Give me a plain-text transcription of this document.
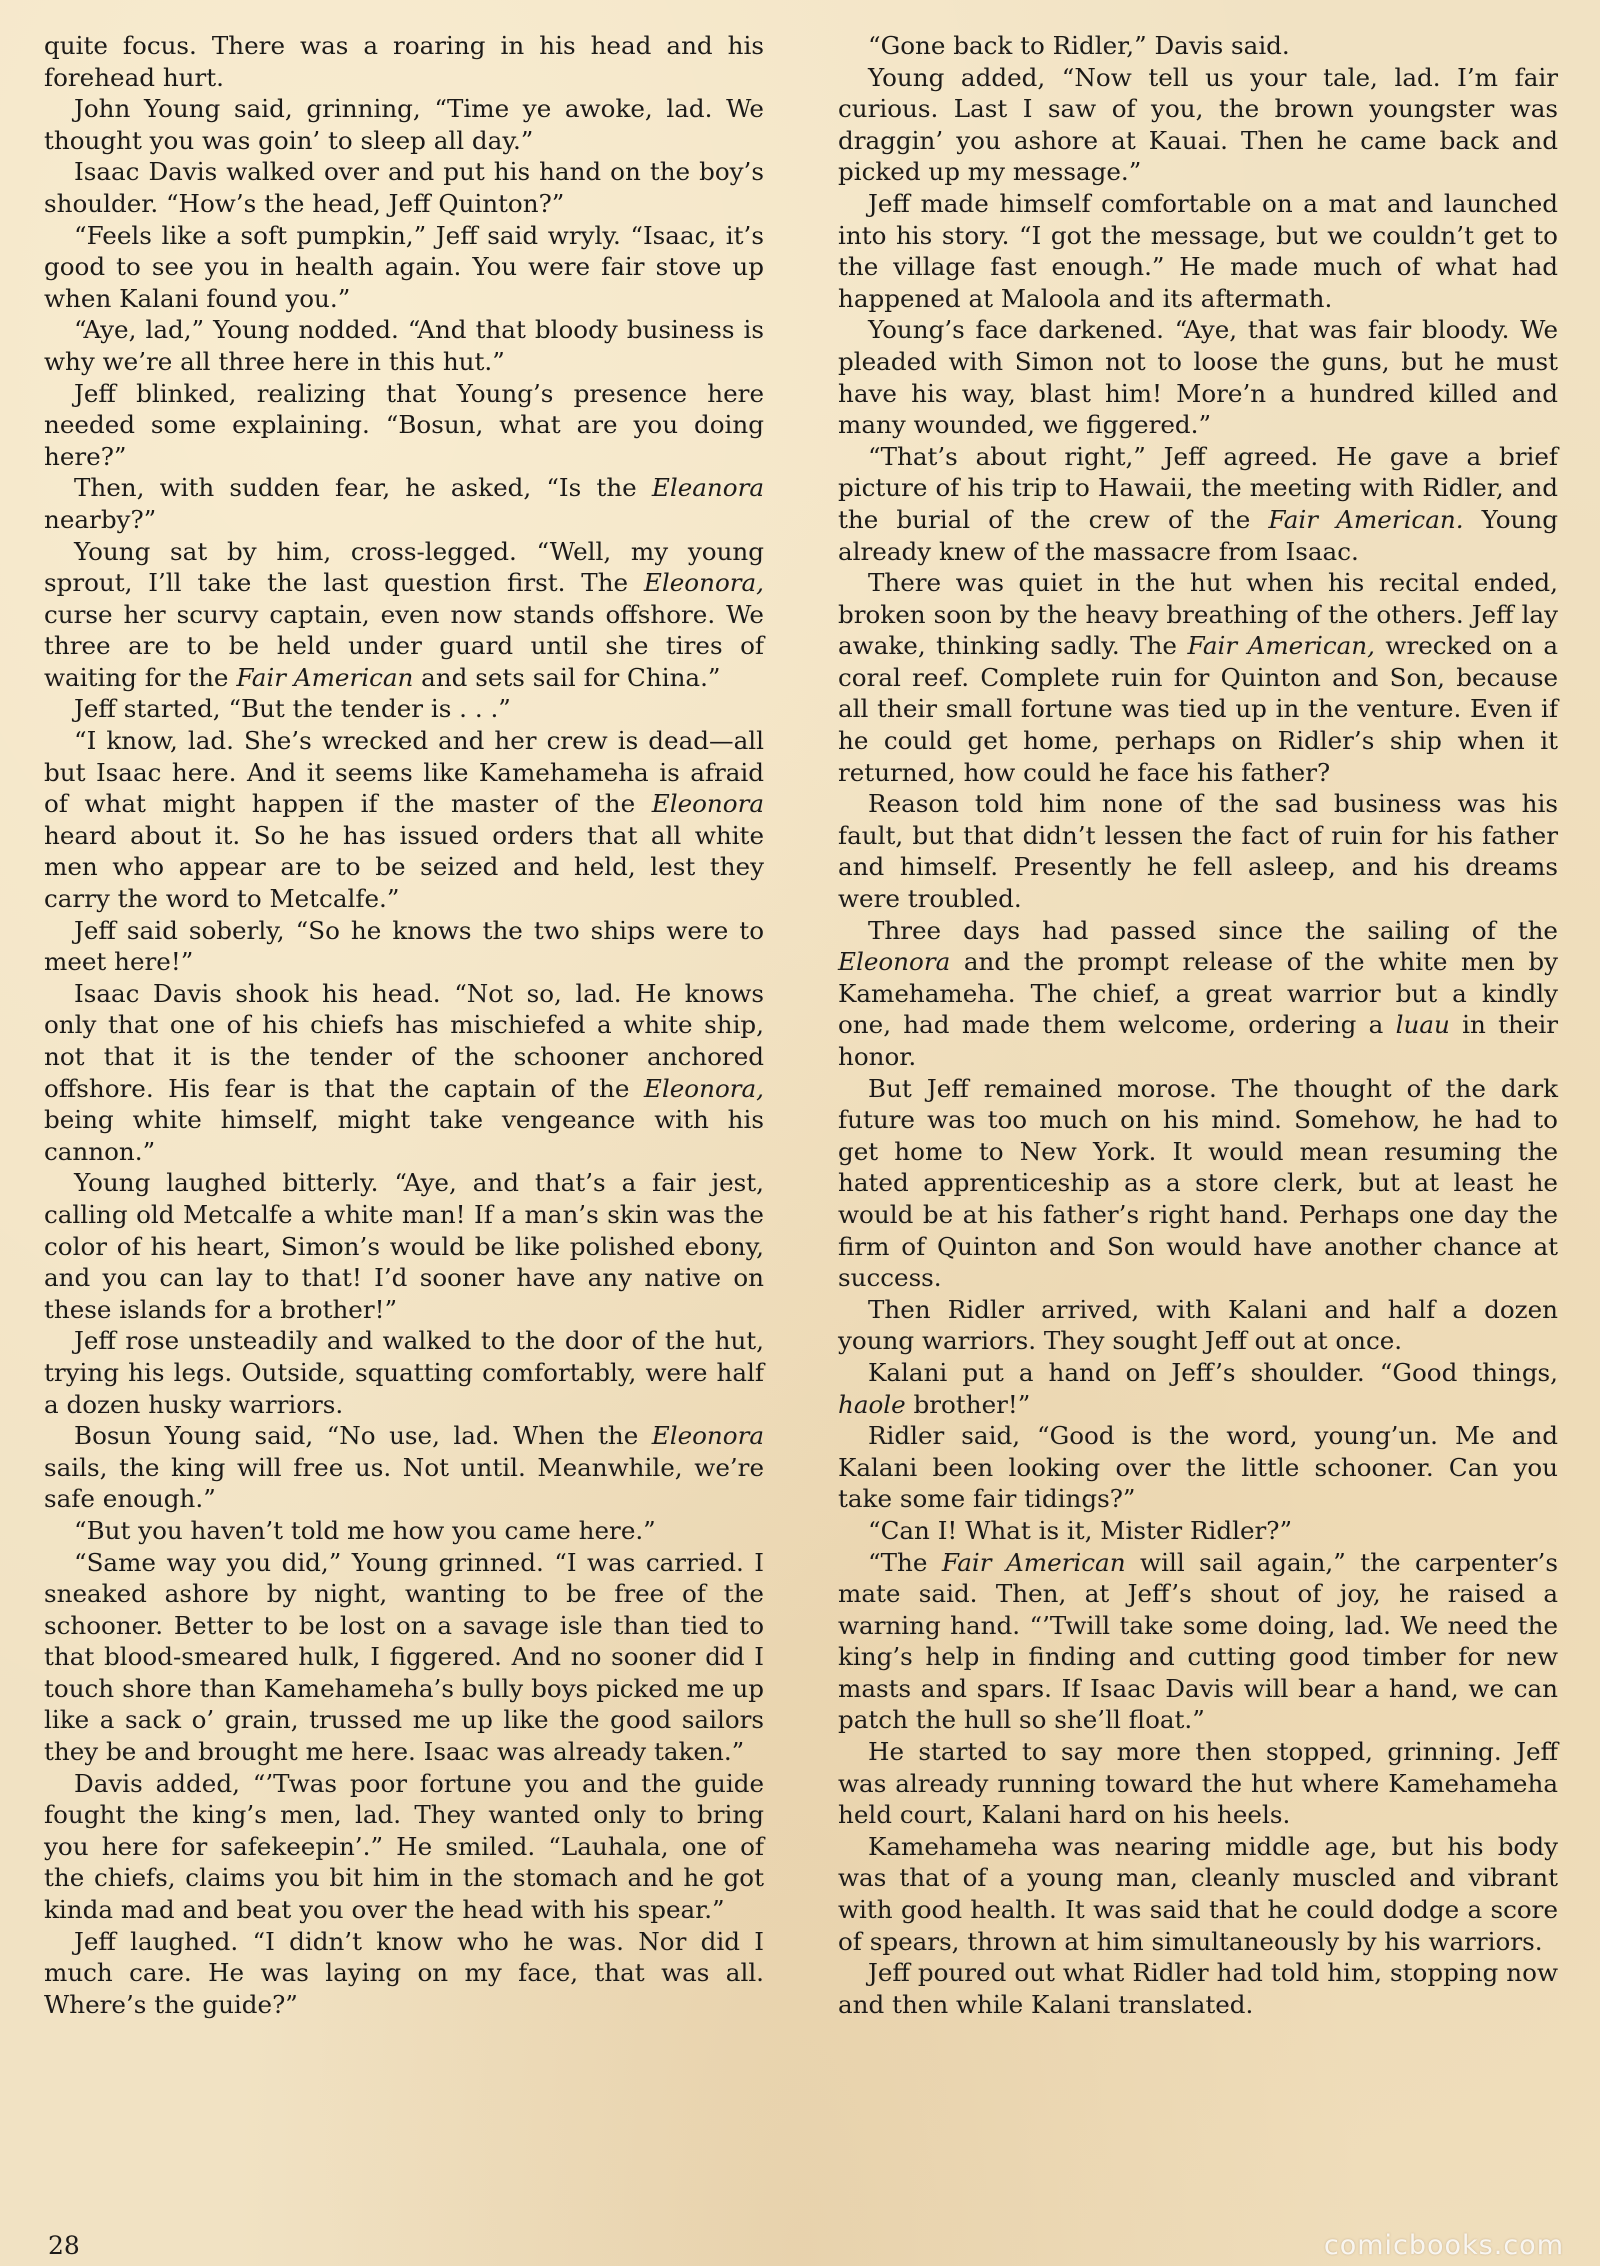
quite focus. There was a roaring in his head and his forehead hurt.

John Young said, grinning, “Time ye awoke, lad. We thought you was goin’ to sleep all day.”

Isaac Davis walked over and put his hand on the boy’s shoulder. “How’s the head, Jeff Quinton?”

“Feels like a soft pumpkin,” Jeff said wryly. “Isaac, it’s good to see you in health again. You were fair stove up when Kalani found you.”

“Aye, lad,” Young nodded. “And that bloody business is why we’re all three here in this hut.”

Jeff blinked, realizing that Young’s presence here needed some explaining. “Bosun, what are you doing here?”

Then, with sudden fear, he asked, “Is the Eleanora nearby?”

Young sat by him, cross-legged. “Well, my young sprout, I’ll take the last question first. The Eleonora, curse her scurvy captain, even now stands offshore. We three are to be held under guard until she tires of waiting for the Fair American and sets sail for China.”

Jeff started, “But the tender is . . .”

“I know, lad. She’s wrecked and her crew is dead—all but Isaac here. And it seems like Kamehameha is afraid of what might happen if the master of the Eleonora heard about it. So he has issued orders that all white men who appear are to be seized and held, lest they carry the word to Metcalfe.”

Jeff said soberly, “So he knows the two ships were to meet here!”

Isaac Davis shook his head. “Not so, lad. He knows only that one of his chiefs has mischiefed a white ship, not that it is the tender of the schooner anchored offshore. His fear is that the captain of the Eleonora, being white himself, might take vengeance with his cannon.”

Young laughed bitterly. “Aye, and that’s a fair jest, calling old Metcalfe a white man! If a man’s skin was the color of his heart, Simon’s would be like polished ebony, and you can lay to that! I’d sooner have any native on these islands for a brother!”

Jeff rose unsteadily and walked to the door of the hut, trying his legs. Outside, squatting comfortably, were half a dozen husky warriors.

Bosun Young said, “No use, lad. When the Eleonora sails, the king will free us. Not until. Meanwhile, we’re safe enough.”

“But you haven’t told me how you came here.”

“Same way you did,” Young grinned. “I was carried. I sneaked ashore by night, wanting to be free of the schooner. Better to be lost on a savage isle than tied to that blood-smeared hulk, I figgered. And no sooner did I touch shore than Kamehameha’s bully boys picked me up like a sack o’ grain, trussed me up like the good sailors they be and brought me here. Isaac was already taken.”

Davis added, “’Twas poor fortune you and the guide fought the king’s men, lad. They wanted only to bring you here for safekeepin’.” He smiled. “Lauhala, one of the chiefs, claims you bit him in the stomach and he got kinda mad and beat you over the head with his spear.”

Jeff laughed. “I didn’t know who he was. Nor did I much care. He was laying on my face, that was all. Where’s the guide?”

“Gone back to Ridler,” Davis said.

Young added, “Now tell us your tale, lad. I’m fair curious. Last I saw of you, the brown youngster was draggin’ you ashore at Kauai. Then he came back and picked up my message.”

Jeff made himself comfortable on a mat and launched into his story. “I got the message, but we couldn’t get to the village fast enough.” He made much of what had happened at Maloola and its aftermath.

Young’s face darkened. “Aye, that was fair bloody. We pleaded with Simon not to loose the guns, but he must have his way, blast him! More’n a hundred killed and many wounded, we figgered.”

“That’s about right,” Jeff agreed. He gave a brief picture of his trip to Hawaii, the meeting with Ridler, and the burial of the crew of the Fair American. Young already knew of the massacre from Isaac.

There was quiet in the hut when his recital ended, broken soon by the heavy breathing of the others. Jeff lay awake, thinking sadly. The Fair American, wrecked on a coral reef. Complete ruin for Quinton and Son, because all their small fortune was tied up in the venture. Even if he could get home, perhaps on Ridler’s ship when it returned, how could he face his father?

Reason told him none of the sad business was his fault, but that didn’t lessen the fact of ruin for his father and himself. Presently he fell asleep, and his dreams were troubled.

Three days had passed since the sailing of the Eleonora and the prompt release of the white men by Kamehameha. The chief, a great warrior but a kindly one, had made them welcome, ordering a luau in their honor.

But Jeff remained morose. The thought of the dark future was too much on his mind. Somehow, he had to get home to New York. It would mean resuming the hated apprenticeship as a store clerk, but at least he would be at his father’s right hand. Perhaps one day the firm of Quinton and Son would have another chance at success.

Then Ridler arrived, with Kalani and half a dozen young warriors. They sought Jeff out at once.

Kalani put a hand on Jeff’s shoulder. “Good things, haole brother!”

Ridler said, “Good is the word, young’un. Me and Kalani been looking over the little schooner. Can you take some fair tidings?”

“Can I! What is it, Mister Ridler?”

“The Fair American will sail again,” the carpenter’s mate said. Then, at Jeff’s shout of joy, he raised a warning hand. “’Twill take some doing, lad. We need the king’s help in finding and cutting good timber for new masts and spars. If Isaac Davis will bear a hand, we can patch the hull so she’ll float.”

He started to say more then stopped, grinning. Jeff was already running toward the hut where Kamehameha held court, Kalani hard on his heels.

Kamehameha was nearing middle age, but his body was that of a young man, cleanly muscled and vibrant with good health. It was said that he could dodge a score of spears, thrown at him simultaneously by his warriors.

Jeff poured out what Ridler had told him, stopping now and then while Kalani translated.

28	comicbooks.com
